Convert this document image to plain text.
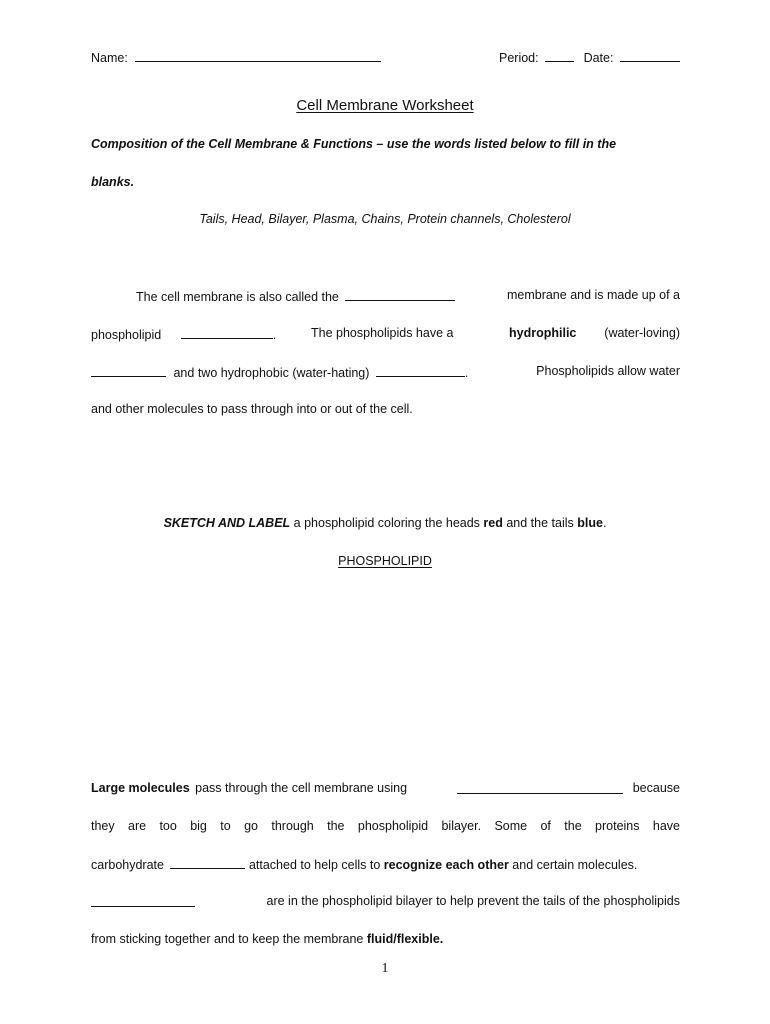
Name:	Period:	Date:
Cell Membrane Worksheet
Composition of the Cell Membrane & Functions – use the words listed below to fill in the
blanks.
Tails, Head, Bilayer, Plasma, Chains, Protein channels, Cholesterol
The cell membrane is also called the	membrane and is made up of a
phospholipid	.	The phospholipids have a	hydrophilic (water-loving)
and two hydrophobic (water-hating)	.	Phospholipids allow water
and other molecules to pass through into or out of the cell.
SKETCH AND LABEL a phospholipid coloring the heads red and the tails blue.
PHOSPHOLIPID
Large molecules pass through the cell membrane using	because
they are too big to go through the phospholipid bilayer. Some of the proteins have
carbohydrate	attached to help cells to recognize each other and certain molecules.
are in the phospholipid bilayer to help prevent the tails of the phospholipids
from sticking together and to keep the membrane fluid/flexible.
1
